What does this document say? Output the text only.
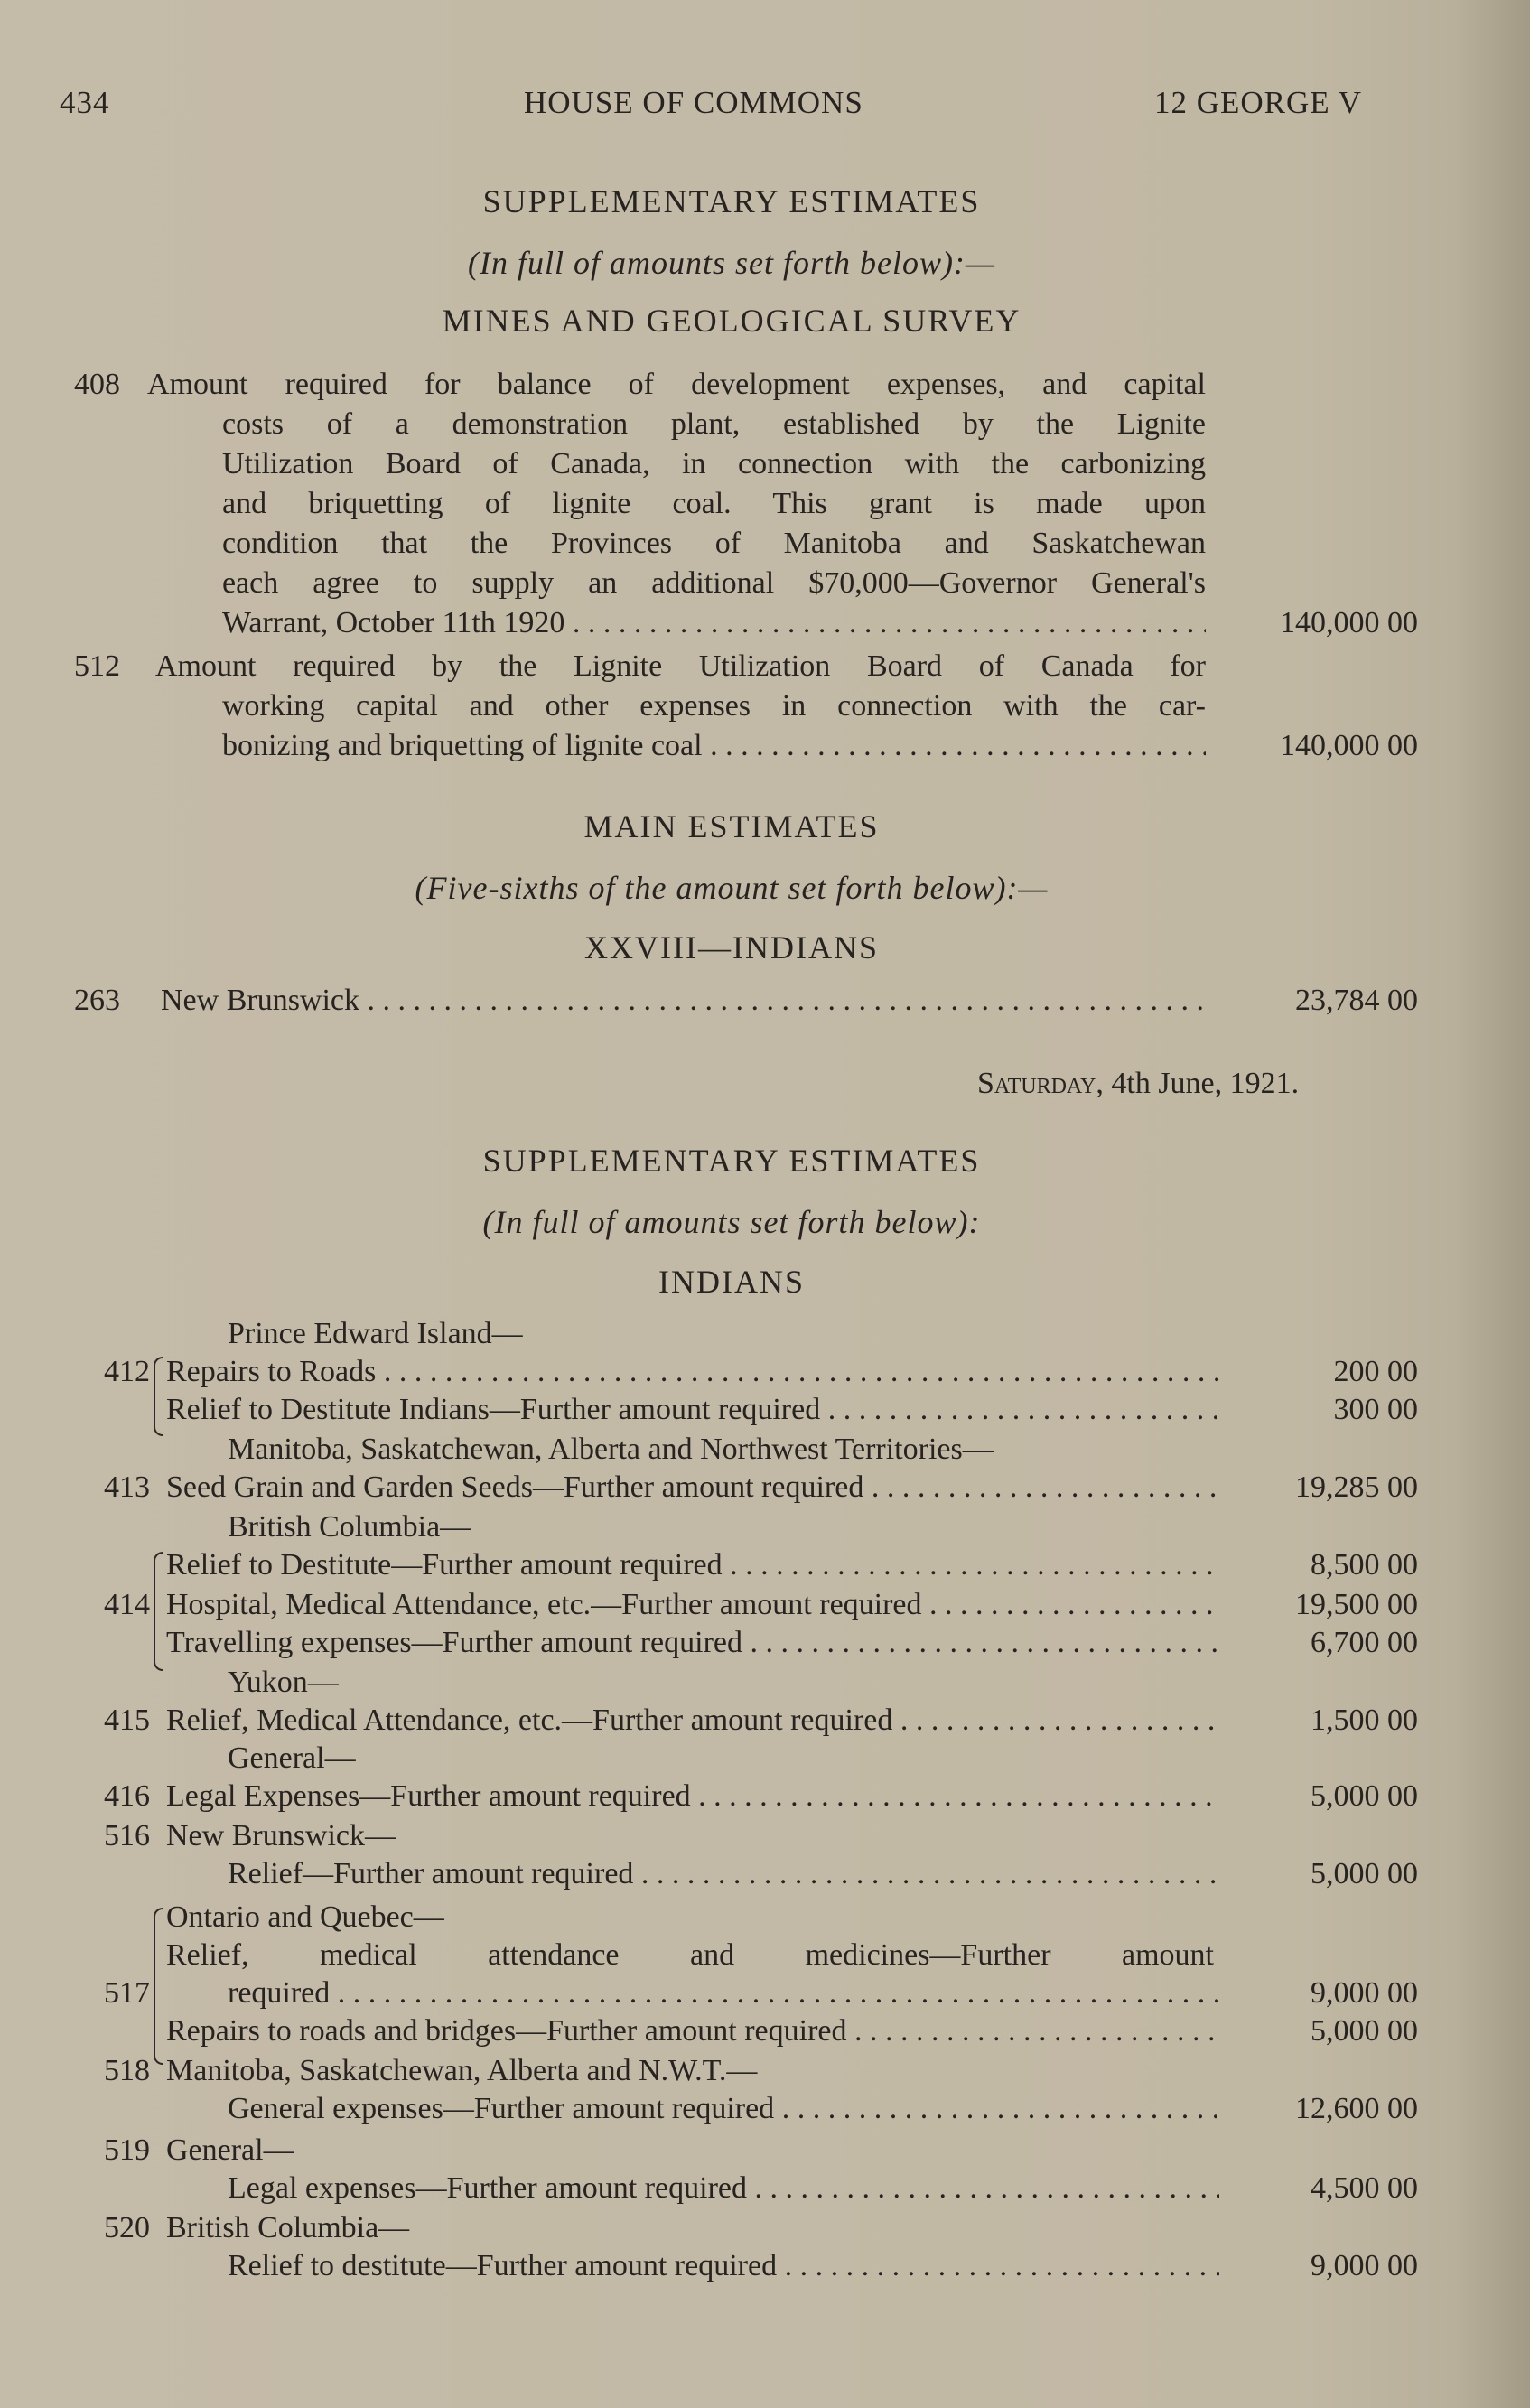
434	HOUSE OF COMMONS	12 GEORGE V
SUPPLEMENTARY ESTIMATES
(In full of amounts set forth below):—
MINES AND GEOLOGICAL SURVEY
408 Amount required for balance of development expenses, and capital
costs of a demonstration plant, established by the Lignite
Utilization Board of Canada, in connection with the carbonizing
and briquetting of lignite coal. This grant is made upon
condition that the Provinces of Manitoba and Saskatchewan
each agree to supply an additional $70,000—Governor General's
Warrant, October 11th 1920 . . .	140,000 00
512 Amount required by the Lignite Utilization Board of Canada for
working capital and other expenses in connection with the car-
bonizing and briquetting of lignite coal . . .	140,000 00
MAIN ESTIMATES
(Five-sixths of the amount set forth below):—
XXVIII—INDIANS
263 New Brunswick . . .	23,784 00
Saturday, 4th June, 1921.
SUPPLEMENTARY ESTIMATES
(In full of amounts set forth below):
INDIANS
Prince Edward Island—
412 Repairs to Roads . . .	200 00
Relief to Destitute Indians—Further amount required . . .	300 00
Manitoba, Saskatchewan, Alberta and Northwest Territories—
413 Seed Grain and Garden Seeds—Further amount required . . .	19,285 00
British Columbia—
Relief to Destitute—Further amount required . . .	8,500 00
414 Hospital, Medical Attendance, etc.—Further amount required . . .	19,500 00
Travelling expenses—Further amount required . . .	6,700 00
Yukon—
415 Relief, Medical Attendance, etc.—Further amount required . . .	1,500 00
General—
416 Legal Expenses—Further amount required . . .	5,000 00
516 New Brunswick—
Relief—Further amount required . . .	5,000 00
Ontario and Quebec—
Relief, medical attendance and medicines—Further amount
517	required . . .	9,000 00
Repairs to roads and bridges—Further amount required . . .	5,000 00
518 Manitoba, Saskatchewan, Alberta and N.W.T.—
General expenses—Further amount required . . .	12,600 00
519 General—
Legal expenses—Further amount required . . .	4,500 00
520 British Columbia—
Relief to destitute—Further amount required . . .	9,000 00
